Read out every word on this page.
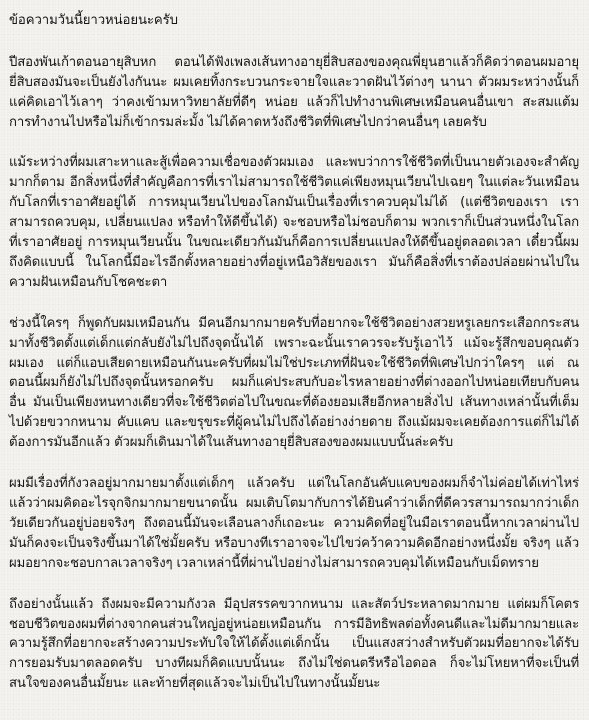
ข้อความวันนี้ยาวหน่อยนะครับ

ปีสองพันเก้าตอนอายุสิบหก ตอนได้ฟังเพลงเส้นทางอายุยี่สิบสองของคุณพี่ยุนฮาแล้วก็คิดว่าตอนผมอายุยี่สิบสองมันจะเป็นยังไงกันนะ ผมเคยทิ้งกระบวนกระจายใจและวาดฝันไว้ต่างๆ นานา ตัวผมระหว่างนั้นก็แค่คิดเอาไว้เลาๆ ว่าคงเข้ามหาวิทยาลัยที่ดีๆ หน่อย แล้วก็ไปทำงานพิเศษเหมือนคนอื่นเขา สะสมแต้มการทำงานไปหรือไม่ก็เข้ากรมล่ะมั้ง ไม่ได้คาดหวังถึงชีวิตที่พิเศษไปกว่าคนอื่นๆ เลยครับ

แม้ระหว่างที่ผมเสาะหาและสู้เพื่อความเชื่อของตัวผมเอง และพบว่าการใช้ชีวิตที่เป็นนายตัวเองจะสำคัญมากก็ตาม อีกสิ่งหนึ่งที่สำคัญคือการที่เราไม่สามารถใช้ชีวิตแค่เพียงหมุนเวียนไปเฉยๆ ในแต่ละวันเหมือนกับโลกที่เราอาศัยอยู่ได้ การหมุนเวียนไปของโลกมันเป็นเรื่องที่เราควบคุมไม่ได้ (แต่ชีวิตของเรา เราสามารถควบคุม, เปลี่ยนแปลง หรือทำให้ดีขึ้นได้) จะชอบหรือไม่ชอบก็ตาม พวกเราก็เป็นส่วนหนึ่งในโลกที่เราอาศัยอยู่ การหมุนเวียนนั้น ในขณะเดียวกันมันก็คือการเปลี่ยนแปลงให้ดีขึ้นอยู่ตลอดเวลา เดี๋ยวนี้ผมถึงคิดแบบนี้ ในโลกนี้มีอะไรอีกตั้งหลายอย่างที่อยู่เหนือวิสัยของเรา มันก็คือสิ่งที่เราต้องปล่อยผ่านไปในความฝันเหมือนกับโชคชะตา

ช่วงนี้ใครๆ ก็พูดกับผมเหมือนกัน มีคนอีกมากมายครับที่อยากจะใช้ชีวิตอย่างสวยหรูเลยกระเสือกกระสนมาทั้งชีวิตตั้งแต่เด็กแต่กลับยังไม่ไปถึงจุดนั้นได้ เพราะฉะนั้นเราควรจะรับรู้เอาไว้ แม้จะรู้สึกขอบคุณตัวผมเอง แต่ก็แอบเสียดายเหมือนกันนะครับที่ผมไม่ใช่ประเภทที่ฝันจะใช้ชีวิตที่พิเศษไปกว่าใครๆ แต่ ณ ตอนนี้ผมก็ยังไม่ไปถึงจุดนั้นหรอกครับ ผมก็แค่ประสบกับอะไรหลายอย่างที่ต่างออกไปหน่อยเทียบกับคนอื่น มันเป็นเพียงหนทางเดียวที่จะใช้ชีวิตต่อไปในขณะที่ต้องยอมเสียอีกหลายสิ่งไป เส้นทางเหล่านั้นที่เต็มไปด้วยขวากหนาม คับแคบ และขรุขระที่ผู้คนไม่ไปถึงได้อย่างง่ายดาย ถึงแม้ผมจะเคยต้องการแต่ก็ไม่ได้ต้องการมันอีกแล้ว ตัวผมก็เดินมาได้ในเส้นทางอายุยี่สิบสองของผมแบบนั้นล่ะครับ

ผมมีเรื่องที่กังวลอยู่มากมายมาตั้งแต่เด็กๆ แล้วครับ แต่ในโลกอันคับแคบของผมก็จำไม่ค่อยได้เท่าไหร่แล้วว่าผมคิดอะไรจุกจิกมากมายขนาดนั้น ผมเติบโตมากับการได้ยินคำว่าเด็กที่ดีควรสามารถมากว่าเด็กวัยเดียวกันอยู่บ่อยจริงๆ ถึงตอนนี้มันจะเลือนลางก็เถอะนะ ความคิดที่อยู่ในมือเราตอนนี้หากเวลาผ่านไปมันก็คงจะเป็นจริงขึ้นมาได้ใช่มั้ยครับ หรือบางทีเราอาจจะไปไขว่คว้าความคิดอีกอย่างหนึ่งมั้ย จริงๆ แล้วผมอยากจะชอบกาลเวลาจริงๆ เวลาเหล่านี้ที่ผ่านไปอย่างไม่สามารถควบคุมได้เหมือนกับเม็ดทราย

ถึงอย่างนั้นแล้ว ถึงผมจะมีความกังวล มีอุปสรรคขวากหนาม และสัตว์ประหลาดมากมาย แต่ผมก็โคตรชอบชีวิตของผมที่ต่างจากคนส่วนใหญ่อยู่หน่อยเหมือนกัน การมีอิทธิพลต่อทั้งคนดีและไม่ดีมากมายและความรู้สึกที่อยากจะสร้างความประทับใจให้ได้ตั้งแต่เด็กนั้น เป็นแสงสว่างสำหรับตัวผมที่อยากจะได้รับการยอมรับมาตลอดครับ บางทีผมก็คิดแบบนั้นนะ ถึงไม่ใช่ดนตรีหรือไอดอล ก็จะไม่โหยหาที่จะเป็นที่สนใจของคนอื่นมั้ยนะ และท้ายที่สุดแล้วจะไม่เป็นไปในทางนั้นมั้ยนะ
